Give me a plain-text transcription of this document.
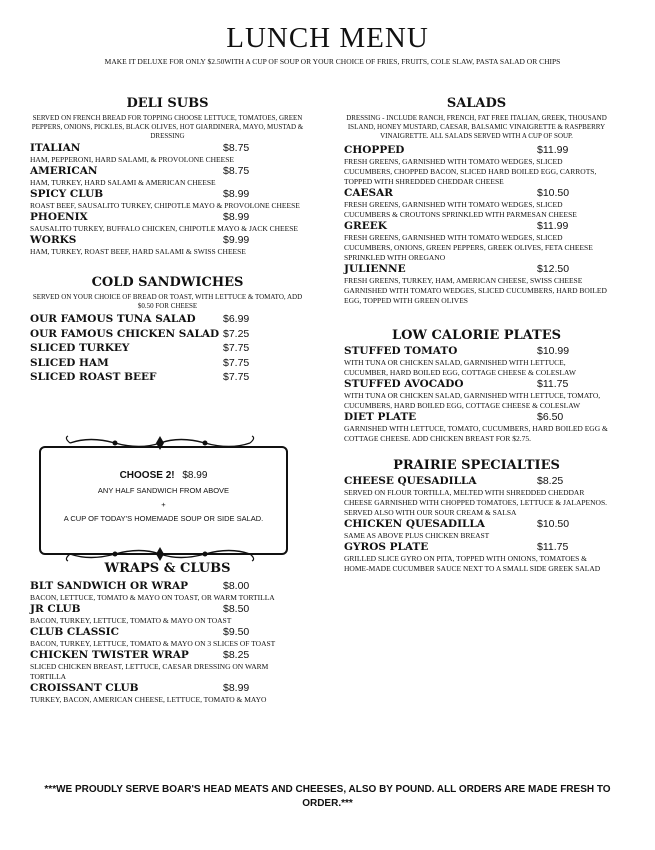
LUNCH MENU
MAKE IT DELUXE FOR ONLY $2.50WITH A CUP OF SOUP OR YOUR CHOICE OF FRIES, FRUITS, COLE SLAW, PASTA SALAD OR CHIPS
DELI SUBS
SERVED ON FRENCH BREAD FOR TOPPING CHOOSE LETTUCE, TOMATOES, GREEN PEPPERS, ONIONS, PICKLES, BLACK OLIVES, HOT GIARDINERA, MAYO, MUSTAD & DRESSING
ITALIAN	$8.75
HAM, PEPPERONI, HARD SALAMI, & PROVOLONE CHEESE
AMERICAN	$8.75
HAM, TURKEY, HARD SALAMI & AMERICAN CHEESE
SPICY CLUB	$8.99
ROAST BEEF, SAUSALITO TURKEY, CHIPOTLE MAYO & PROVOLONE CHEESE
PHOENIX	$8.99
SAUSALITO TURKEY, BUFFALO CHICKEN, CHIPOTLE MAYO & JACK CHEESE
WORKS	$9.99
HAM, TURKEY, ROAST BEEF, HARD SALAMI & SWISS CHEESE
COLD SANDWICHES
SERVED ON YOUR CHOICE OF BREAD OR TOAST, WITH LETTUCE & TOMATO, ADD $0.50 FOR CHEESE
OUR FAMOUS TUNA SALAD	$6.99
OUR FAMOUS CHICKEN SALAD $7.25
SLICED TURKEY	$7.75
SLICED HAM	$7.75
SLICED ROAST BEEF	$7.75
CHOOSE 2! $8.99
ANY HALF SANDWICH FROM ABOVE
+
A CUP OF TODAY'S HOMEMADE SOUP OR SIDE SALAD.
WRAPS & CLUBS
BLT SANDWICH OR WRAP	$8.00
BACON, LETTUCE, TOMATO & MAYO ON TOAST, OR WARM TORTILLA
JR CLUB	$8.50
BACON, TURKEY, LETTUCE, TOMATO & MAYO ON TOAST
CLUB CLASSIC	$9.50
BACON, TURKEY, LETTUCE, TOMATO & MAYO ON 3 SLICES OF TOAST
CHICKEN TWISTER WRAP	$8.25
SLICED CHICKEN BREAST, LETTUCE, CAESAR DRESSING ON WARM TORTILLA
CROISSANT CLUB	$8.99
TURKEY, BACON, AMERICAN CHEESE, LETTUCE, TOMATO & MAYO
SALADS
DRESSING - INCLUDE RANCH, FRENCH, FAT FREE ITALIAN, GREEK, THOUSAND ISLAND, HONEY MUSTARD, CAESAR, BALSAMIC VINAIGRETTE & RASPBERRY VINAIGRETTE. ALL SALADS SERVED WITH A CUP OF SOUP.
CHOPPED	$11.99
FRESH GREENS, GARNISHED WITH TOMATO WEDGES, SLICED CUCUMBERS, CHOPPED BACON, SLICED HARD BOILED EGG, CARROTS, TOPPED WITH SHREDDED CHEDDAR CHEESE
CAESAR	$10.50
FRESH GREENS, GARNISHED WITH TOMATO WEDGES, SLICED CUCUMBERS & CROUTONS SPRINKLED WITH PARMESAN CHEESE
GREEK	$11.99
FRESH GREENS, GARNISHED WITH TOMATO WEDGES, SLICED CUCUMBERS, ONIONS, GREEN PEPPERS, GREEK OLIVES, FETA CHEESE SPRINKLED WITH OREGANO
JULIENNE	$12.50
FRESH GREENS, TURKEY, HAM, AMERICAN CHEESE, SWISS CHEESE GARNISHED WITH TOMATO WEDGES, SLICED CUCUMBERS, HARD BOILED EGG, TOPPED WITH GREEN OLIVES
LOW CALORIE PLATES
STUFFED TOMATO	$10.99
WITH TUNA OR CHICKEN SALAD, GARNISHED WITH LETTUCE, CUCUMBER, HARD BOILED EGG, COTTAGE CHEESE & COLESLAW
STUFFED AVOCADO	$11.75
WITH TUNA OR CHICKEN SALAD, GARNISHED WITH LETTUCE, TOMATO, CUCUMBERS, HARD BOILED EGG, COTTAGE CHEESE & COLESLAW
DIET PLATE	$6.50
GARNISHED WITH LETTUCE, TOMATO, CUCUMBERS, HARD BOILED EGG & COTTAGE CHEESE. ADD CHICKEN BREAST FOR $2.75.
PRAIRIE SPECIALTIES
CHEESE QUESADILLA	$8.25
SERVED ON FLOUR TORTILLA, MELTED WITH SHREDDED CHEDDAR CHEESE GARNISHED WITH CHOPPED TOMATOES, LETTUCE & JALAPENOS. SERVED ALSO WITH OUR SOUR CREAM & SALSA
CHICKEN QUESADILLA	$10.50
SAME AS ABOVE PLUS CHICKEN BREAST
GYROS PLATE	$11.75
GRILLED SLICE GYRO ON PITA, TOPPED WITH ONIONS, TOMATOES & HOME-MADE CUCUMBER SAUCE NEXT TO A SMALL SIDE GREEK SALAD
***WE PROUDLY SERVE BOAR'S HEAD MEATS AND CHEESES, ALSO BY POUND. ALL ORDERS ARE MADE FRESH TO ORDER.***
